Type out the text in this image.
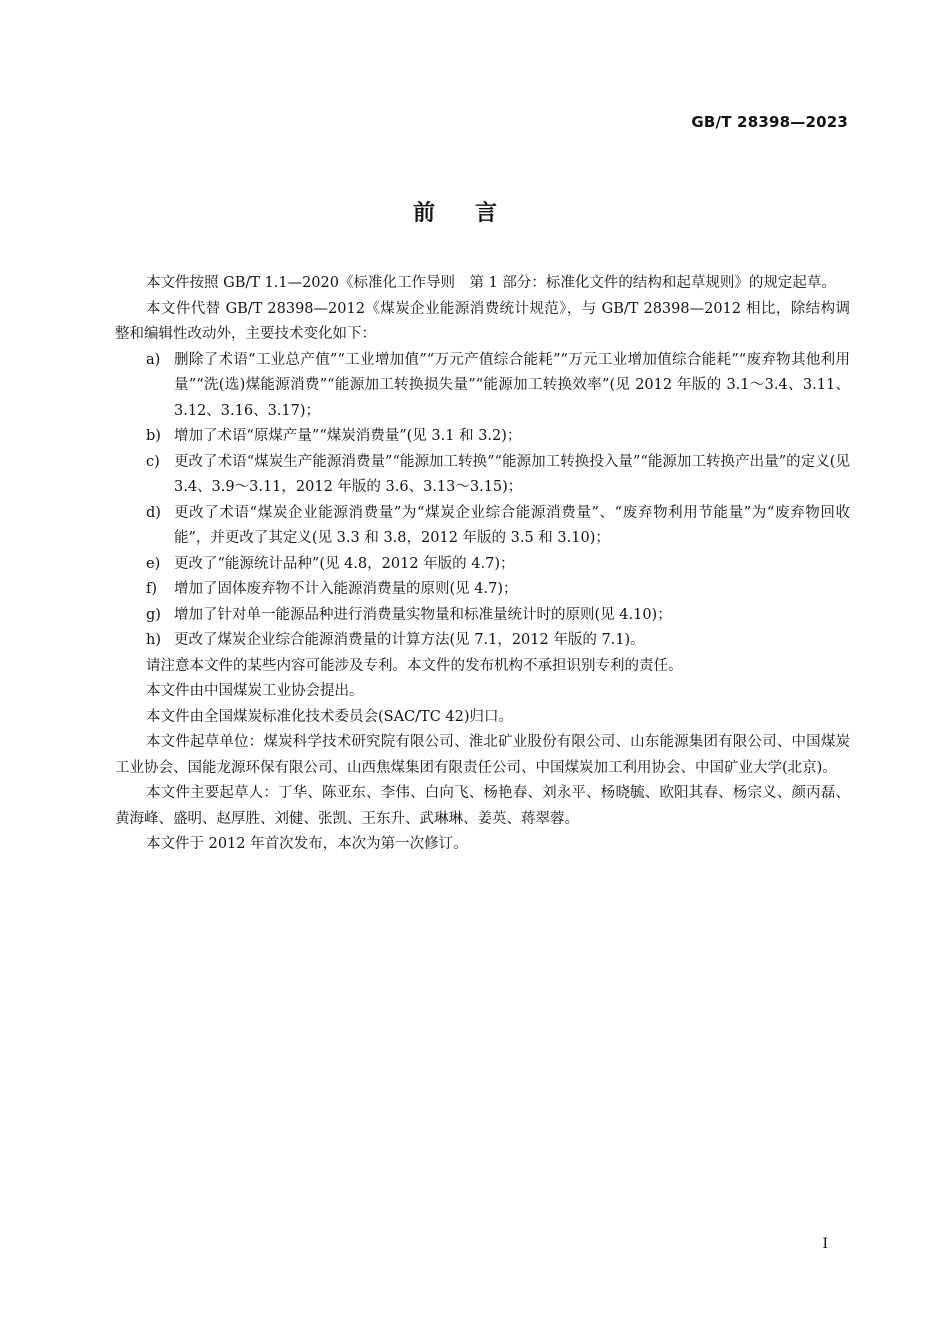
GB/T 28398—2023
前言

本文件按照 GB/T 1.1—2020《标准化工作导则　第 1 部分：标准化文件的结构和起草规则》的规定起草。

本文件代替 GB/T 28398—2012《煤炭企业能源消费统计规范》，与 GB/T 28398—2012 相比，除结构调整和编辑性改动外，主要技术变化如下：

a) 删除了术语“工业总产值”“工业增加值”“万元产值综合能耗”“万元工业增加值综合能耗”“废弃物其他利用量”“洗(选)煤能源消费”“能源加工转换损失量”“能源加工转换效率”(见 2012 年版的 3.1～3.4、3.11、3.12、3.16、3.17)；

b) 增加了术语“原煤产量”“煤炭消费量”(见 3.1 和 3.2)；

c) 更改了术语“煤炭生产能源消费量”“能源加工转换”“能源加工转换投入量”“能源加工转换产出量”的定义(见 3.4、3.9～3.11，2012 年版的 3.6、3.13～3.15)；

d) 更改了术语“煤炭企业能源消费量”为“煤炭企业综合能源消费量”、“废弃物利用节能量”为“废弃物回收能”，并更改了其定义(见 3.3 和 3.8，2012 年版的 3.5 和 3.10)；

e) 更改了“能源统计品种”(见 4.8，2012 年版的 4.7)；

f) 增加了固体废弃物不计入能源消费量的原则(见 4.7)；

g) 增加了针对单一能源品种进行消费量实物量和标准量统计时的原则(见 4.10)；

h) 更改了煤炭企业综合能源消费量的计算方法(见 7.1，2012 年版的 7.1)。

请注意本文件的某些内容可能涉及专利。本文件的发布机构不承担识别专利的责任。

本文件由中国煤炭工业协会提出。

本文件由全国煤炭标准化技术委员会(SAC/TC 42)归口。

本文件起草单位：煤炭科学技术研究院有限公司、淮北矿业股份有限公司、山东能源集团有限公司、中国煤炭工业协会、国能龙源环保有限公司、山西焦煤集团有限责任公司、中国煤炭加工利用协会、中国矿业大学(北京)。

本文件主要起草人：丁华、陈亚东、李伟、白向飞、杨艳春、刘永平、杨晓毓、欧阳其春、杨宗义、颜丙磊、黄海峰、盛明、赵厚胜、刘健、张凯、王东升、武琳琳、姜英、蒋翠蓉。

本文件于 2012 年首次发布，本次为第一次修订。

I
